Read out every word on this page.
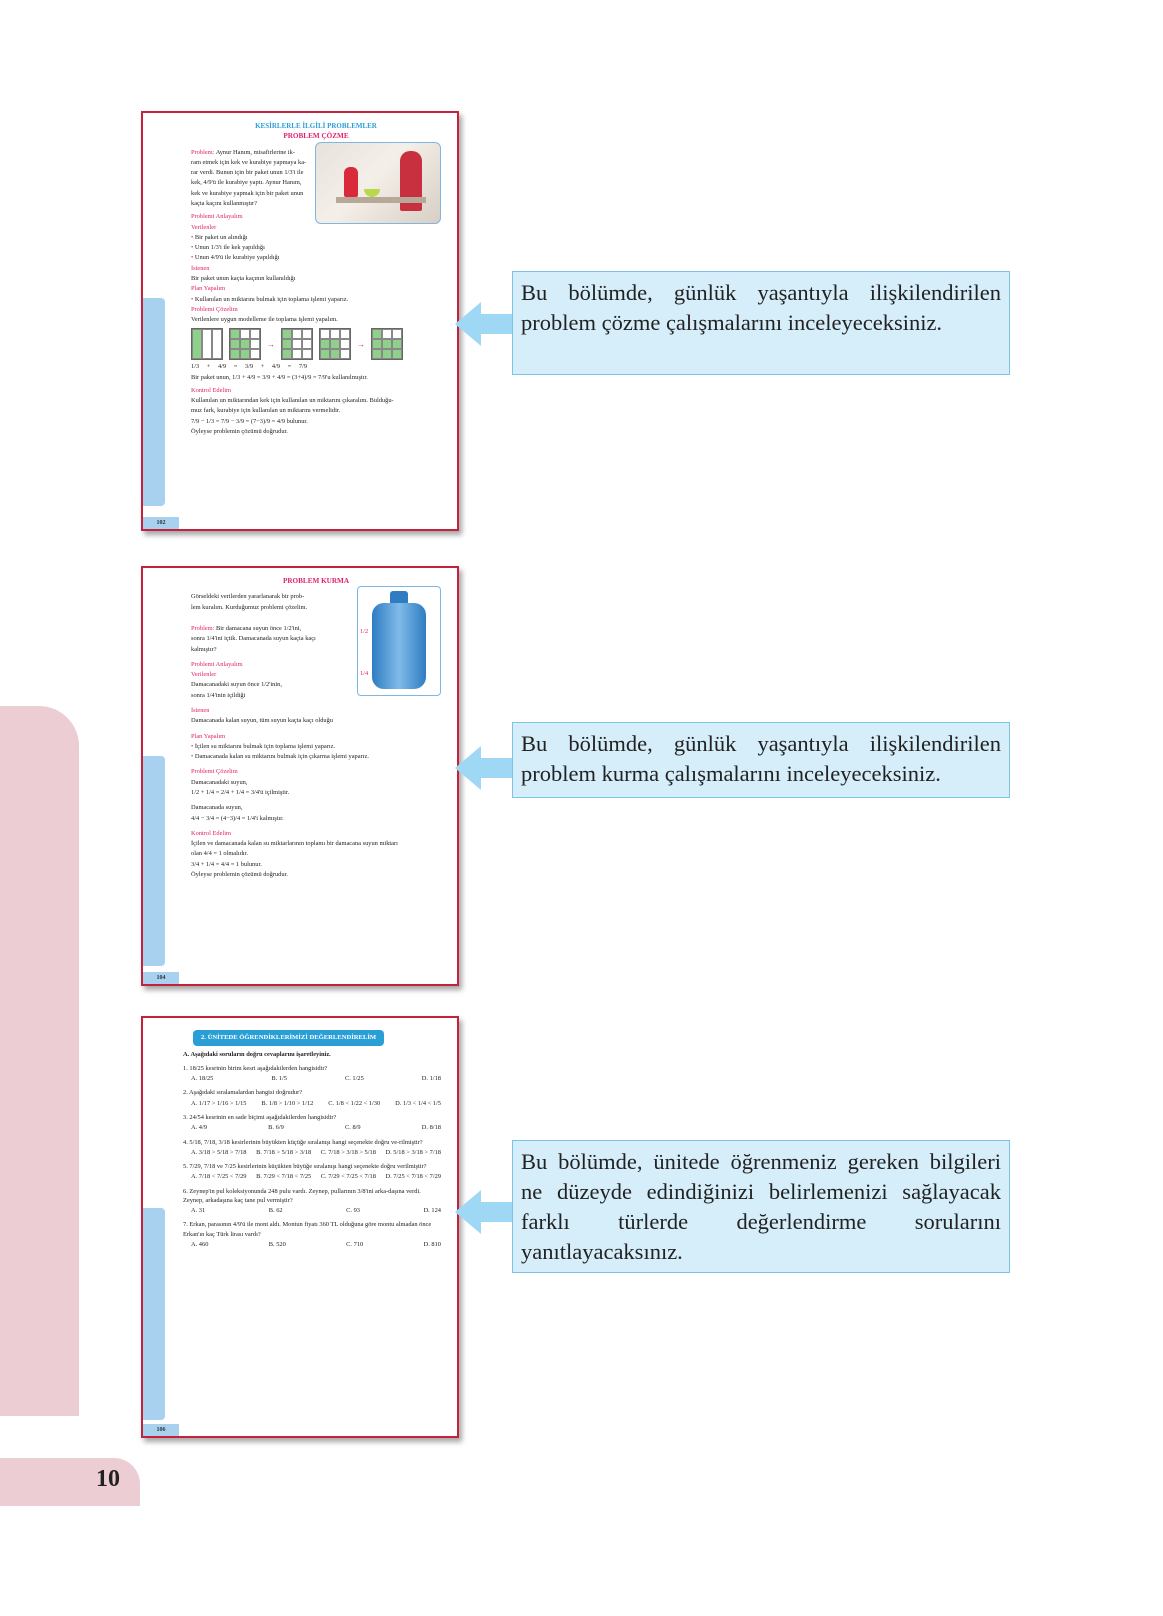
10
102
KESİRLERLE İLGİLİ PROBLEMLER
PROBLEM ÇÖZME
Problem: Aynur Hanım, misafirlerine ik-
ram etmek için kek ve kurabiye yapmaya ka-
rar verdi. Bunun için bir paket unun 1/3'i ile
kek, 4/9'ü ile kurabiye yaptı. Aynur Hanım,
kek ve kurabiye yapmak için bir paket unun
kaçta kaçını kullanmıştır?
Problemi Anlayalım
Verilenler
• Bir paket un alındığı
• Unun 1/3'i ile kek yapıldığı
• Unun 4/9'ü ile kurabiye yapıldığı
İstenen
Bir paket unun kaçta kaçının kullanıldığı
Plan Yapalım
• Kullanılan un miktarını bulmak için toplama işlemi yaparız.
Problemi Çözelim
Verilenlere uygun modelleme ile toplama işlemi yapalım.
→	→
1/3 + 4/9 = 3/9 + 4/9 = 7/9
Bir paket unun, 1/3 + 4/9 = 3/9 + 4/9 = (3+4)/9 = 7/9'u kullanılmıştır.
Kontrol Edelim
Kullanılan un miktarından kek için kullanılan un miktarını çıkaralım. Bulduğu-
muz fark, kurabiye için kullanılan un miktarını vermelidir.
7/9 − 1/3 = 7/9 − 3/9 = (7−3)/9 = 4/9 bulunur.
Öyleyse problemin çözümü doğrudur.
104
PROBLEM KURMA
1/2
1/4
Görseldeki verilerden yararlanarak bir prob-
lem kuralım. Kurduğumuz problemi çözelim.
Problem: Bir damacana suyun önce 1/2'ini,
sonra 1/4'ini içtik. Damacanada suyun kaçta kaçı
kalmıştır?
Problemi Anlayalım
Verilenler
Damacanadaki suyun önce 1/2'inin,
sonra 1/4'inin içildiği
İstenen
Damacanada kalan suyun, tüm suyun kaçta kaçı olduğu
Plan Yapalım
• İçilen su miktarını bulmak için toplama işlemi yaparız.
• Damacanada kalan su miktarını bulmak için çıkarma işlemi yaparız.
Problemi Çözelim
Damacanadaki suyun,
1/2 + 1/4 = 2/4 + 1/4 = 3/4'ü içilmiştir.
Damacanada suyun,
4/4 − 3/4 = (4−3)/4 = 1/4'i kalmıştır.
Kontrol Edelim
İçilen ve damacanada kalan su miktarlarının toplamı bir damacana suyun miktarı
olan 4/4 = 1 olmalıdır.
3/4 + 1/4 = 4/4 = 1 bulunur.
Öyleyse problemin çözümü doğrudur.
106
2. ÜNİTEDE ÖĞRENDİKLERİMİZİ DEĞERLENDİRELİM
A. Aşağıdaki soruların doğru cevaplarını işaretleyiniz.
1. 18/25 kesrinin birim kesri aşağıdakilerden hangisidir?
A. 18/25	B. 1/5	C. 1/25	D. 1/18
2. Aşağıdaki sıralamalardan hangisi doğrudur?
A. 1/17 > 1/16 > 1/15 B. 1/8 > 1/10 > 1/12 C. 1/8 < 1/22 < 1/30 D. 1/3 < 1/4 < 1/5
3. 24/54 kesrinin en sade biçimi aşağıdakilerden hangisidir?
A. 4/9	B. 6/9	C. 8/9	D. 8/18
4. 5/18, 7/18, 3/18 kesirlerinin büyükten küçüğe sıralanışı hangi seçenekte doğru ve-rilmiştir?
A. 3/18 > 5/18 > 7/18 B. 7/18 > 5/18 > 3/18 C. 7/18 > 3/18 > 5/18 D. 5/18 > 3/18 > 7/18
5. 7/29, 7/18 ve 7/25 kesirlerinin küçükten büyüğe sıralanışı hangi seçenekte doğru verilmiştir?
A. 7/18 < 7/25 < 7/29 B. 7/29 < 7/18 < 7/25 C. 7/29 < 7/25 < 7/18 D. 7/25 < 7/18 < 7/29
6. Zeynep'in pul koleksiyonunda 248 pulu vardı. Zeynep, pullarının 3/8'ini arka-daşına verdi. Zeynep, arkadaşına kaç tane pul vermiştir?
A. 31	B. 62	C. 93	D. 124
7. Erkan, parasının 4/9'ü ile mont aldı. Montun fiyatı 360 TL olduğuna göre montu almadan önce Erkan'ın kaç Türk lirası vardı?
A. 460	B. 520	C. 710	D. 810
Bu bölümde, günlük yaşantıyla ilişkilendirilen problem çözme çalışmalarını inceleyeceksiniz.
Bu bölümde, günlük yaşantıyla ilişkilendirilen problem kurma çalışmalarını inceleyeceksiniz.
Bu bölümde, ünitede öğrenmeniz gereken bilgileri ne düzeyde edindiğinizi belirlemenizi sağlayacak farklı türlerde değerlendirme sorularını yanıtlayacaksınız.
